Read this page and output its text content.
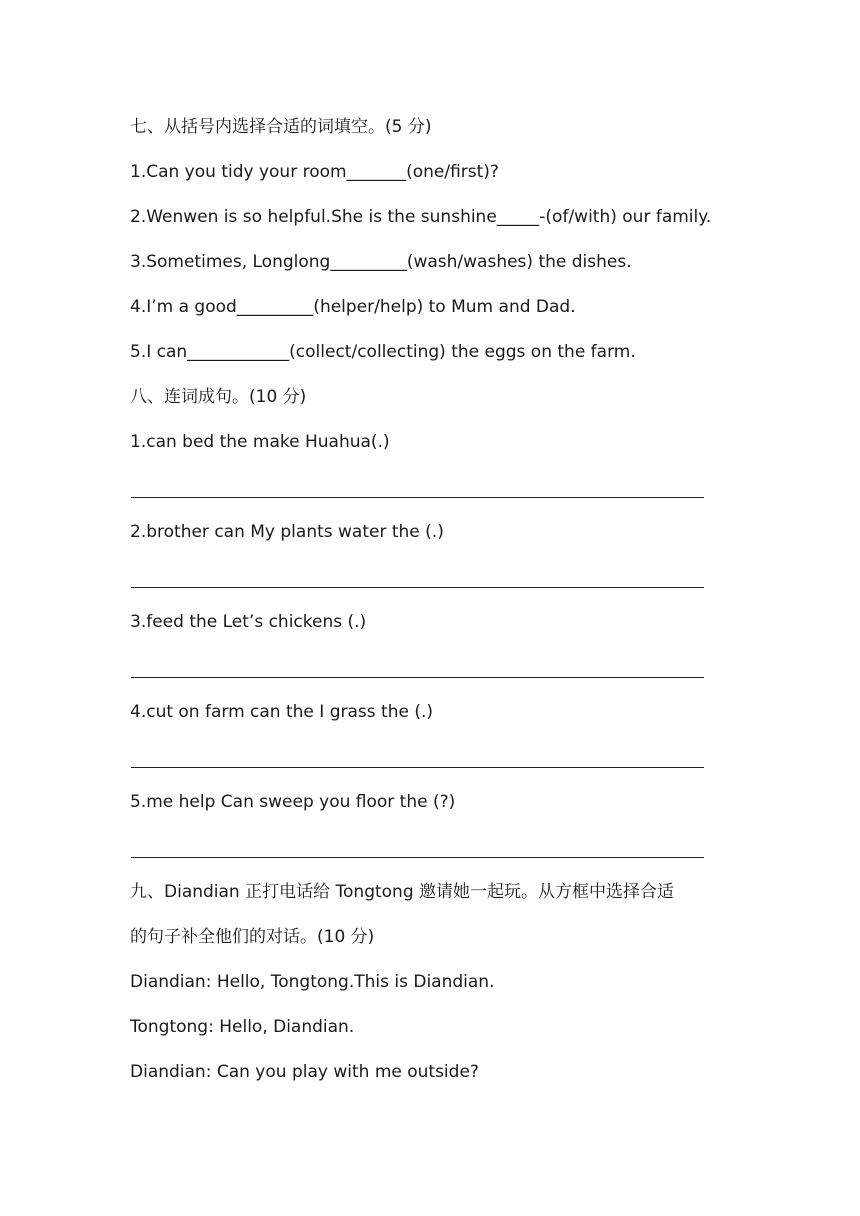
七、从括号内选择合适的词填空。(5 分)
1.Can you tidy your room_______(one/first)?
2.Wenwen is so helpful.She is the sunshine_____-(of/with) our family.
3.Sometimes, Longlong_________(wash/washes) the dishes.
4.I’m a good_________(helper/help) to Mum and Dad.
5.I can____________(collect/collecting) the eggs on the farm.
八、连词成句。(10 分)
1.can bed the make Huahua(.)
2.brother can My plants water the (.)
3.feed the Let’s chickens (.)
4.cut on farm can the I grass the (.)
5.me help Can sweep you floor the (?)
九、Diandian 正打电话给 Tongtong 邀请她一起玩。从方框中选择合适
的句子补全他们的对话。(10 分)
Diandian: Hello, Tongtong.This is Diandian.
Tongtong: Hello, Diandian.
Diandian: Can you play with me outside?
